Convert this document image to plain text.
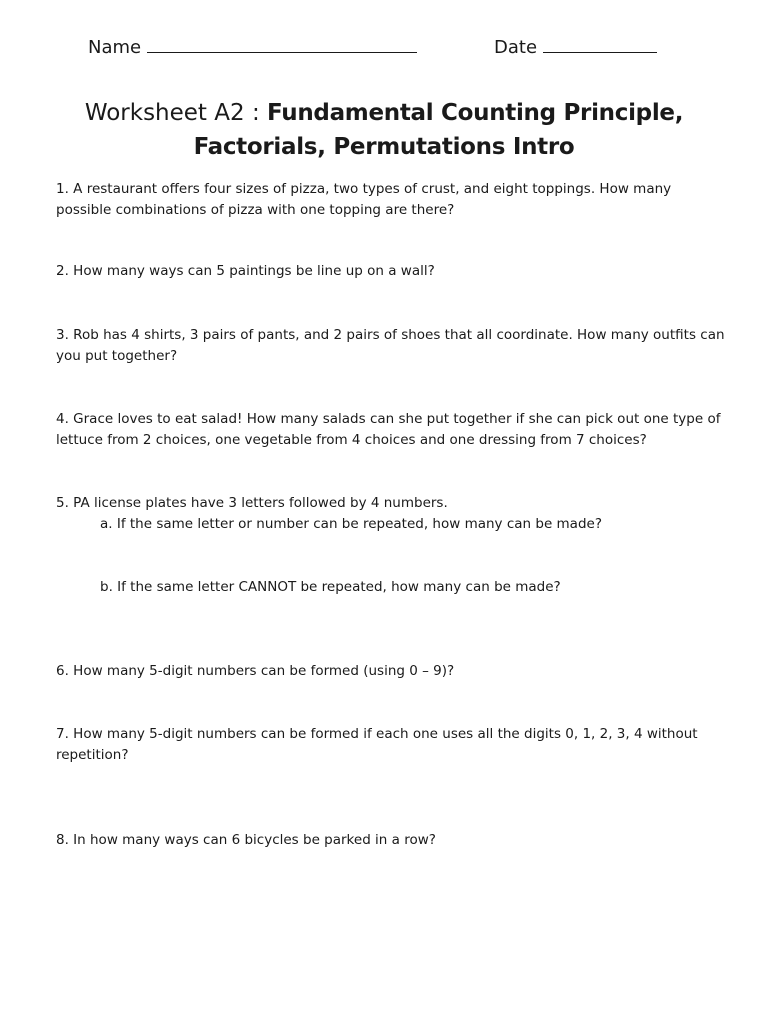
Name	Date
Worksheet A2 : Fundamental Counting Principle,
Factorials, Permutations Intro
1. A restaurant offers four sizes of pizza, two types of crust, and eight toppings. How many possible combinations of pizza with one topping are there?
2. How many ways can 5 paintings be line up on a wall?
3. Rob has 4 shirts, 3 pairs of pants, and 2 pairs of shoes that all coordinate. How many outfits can you put together?
4. Grace loves to eat salad! How many salads can she put together if she can pick out one type of lettuce from 2 choices, one vegetable from 4 choices and one dressing from 7 choices?
5. PA license plates have 3 letters followed by 4 numbers.
a. If the same letter or number can be repeated, how many can be made?
b. If the same letter CANNOT be repeated, how many can be made?
6. How many 5-digit numbers can be formed (using 0 – 9)?
7. How many 5-digit numbers can be formed if each one uses all the digits 0, 1, 2, 3, 4 without repetition?
8. In how many ways can 6 bicycles be parked in a row?
